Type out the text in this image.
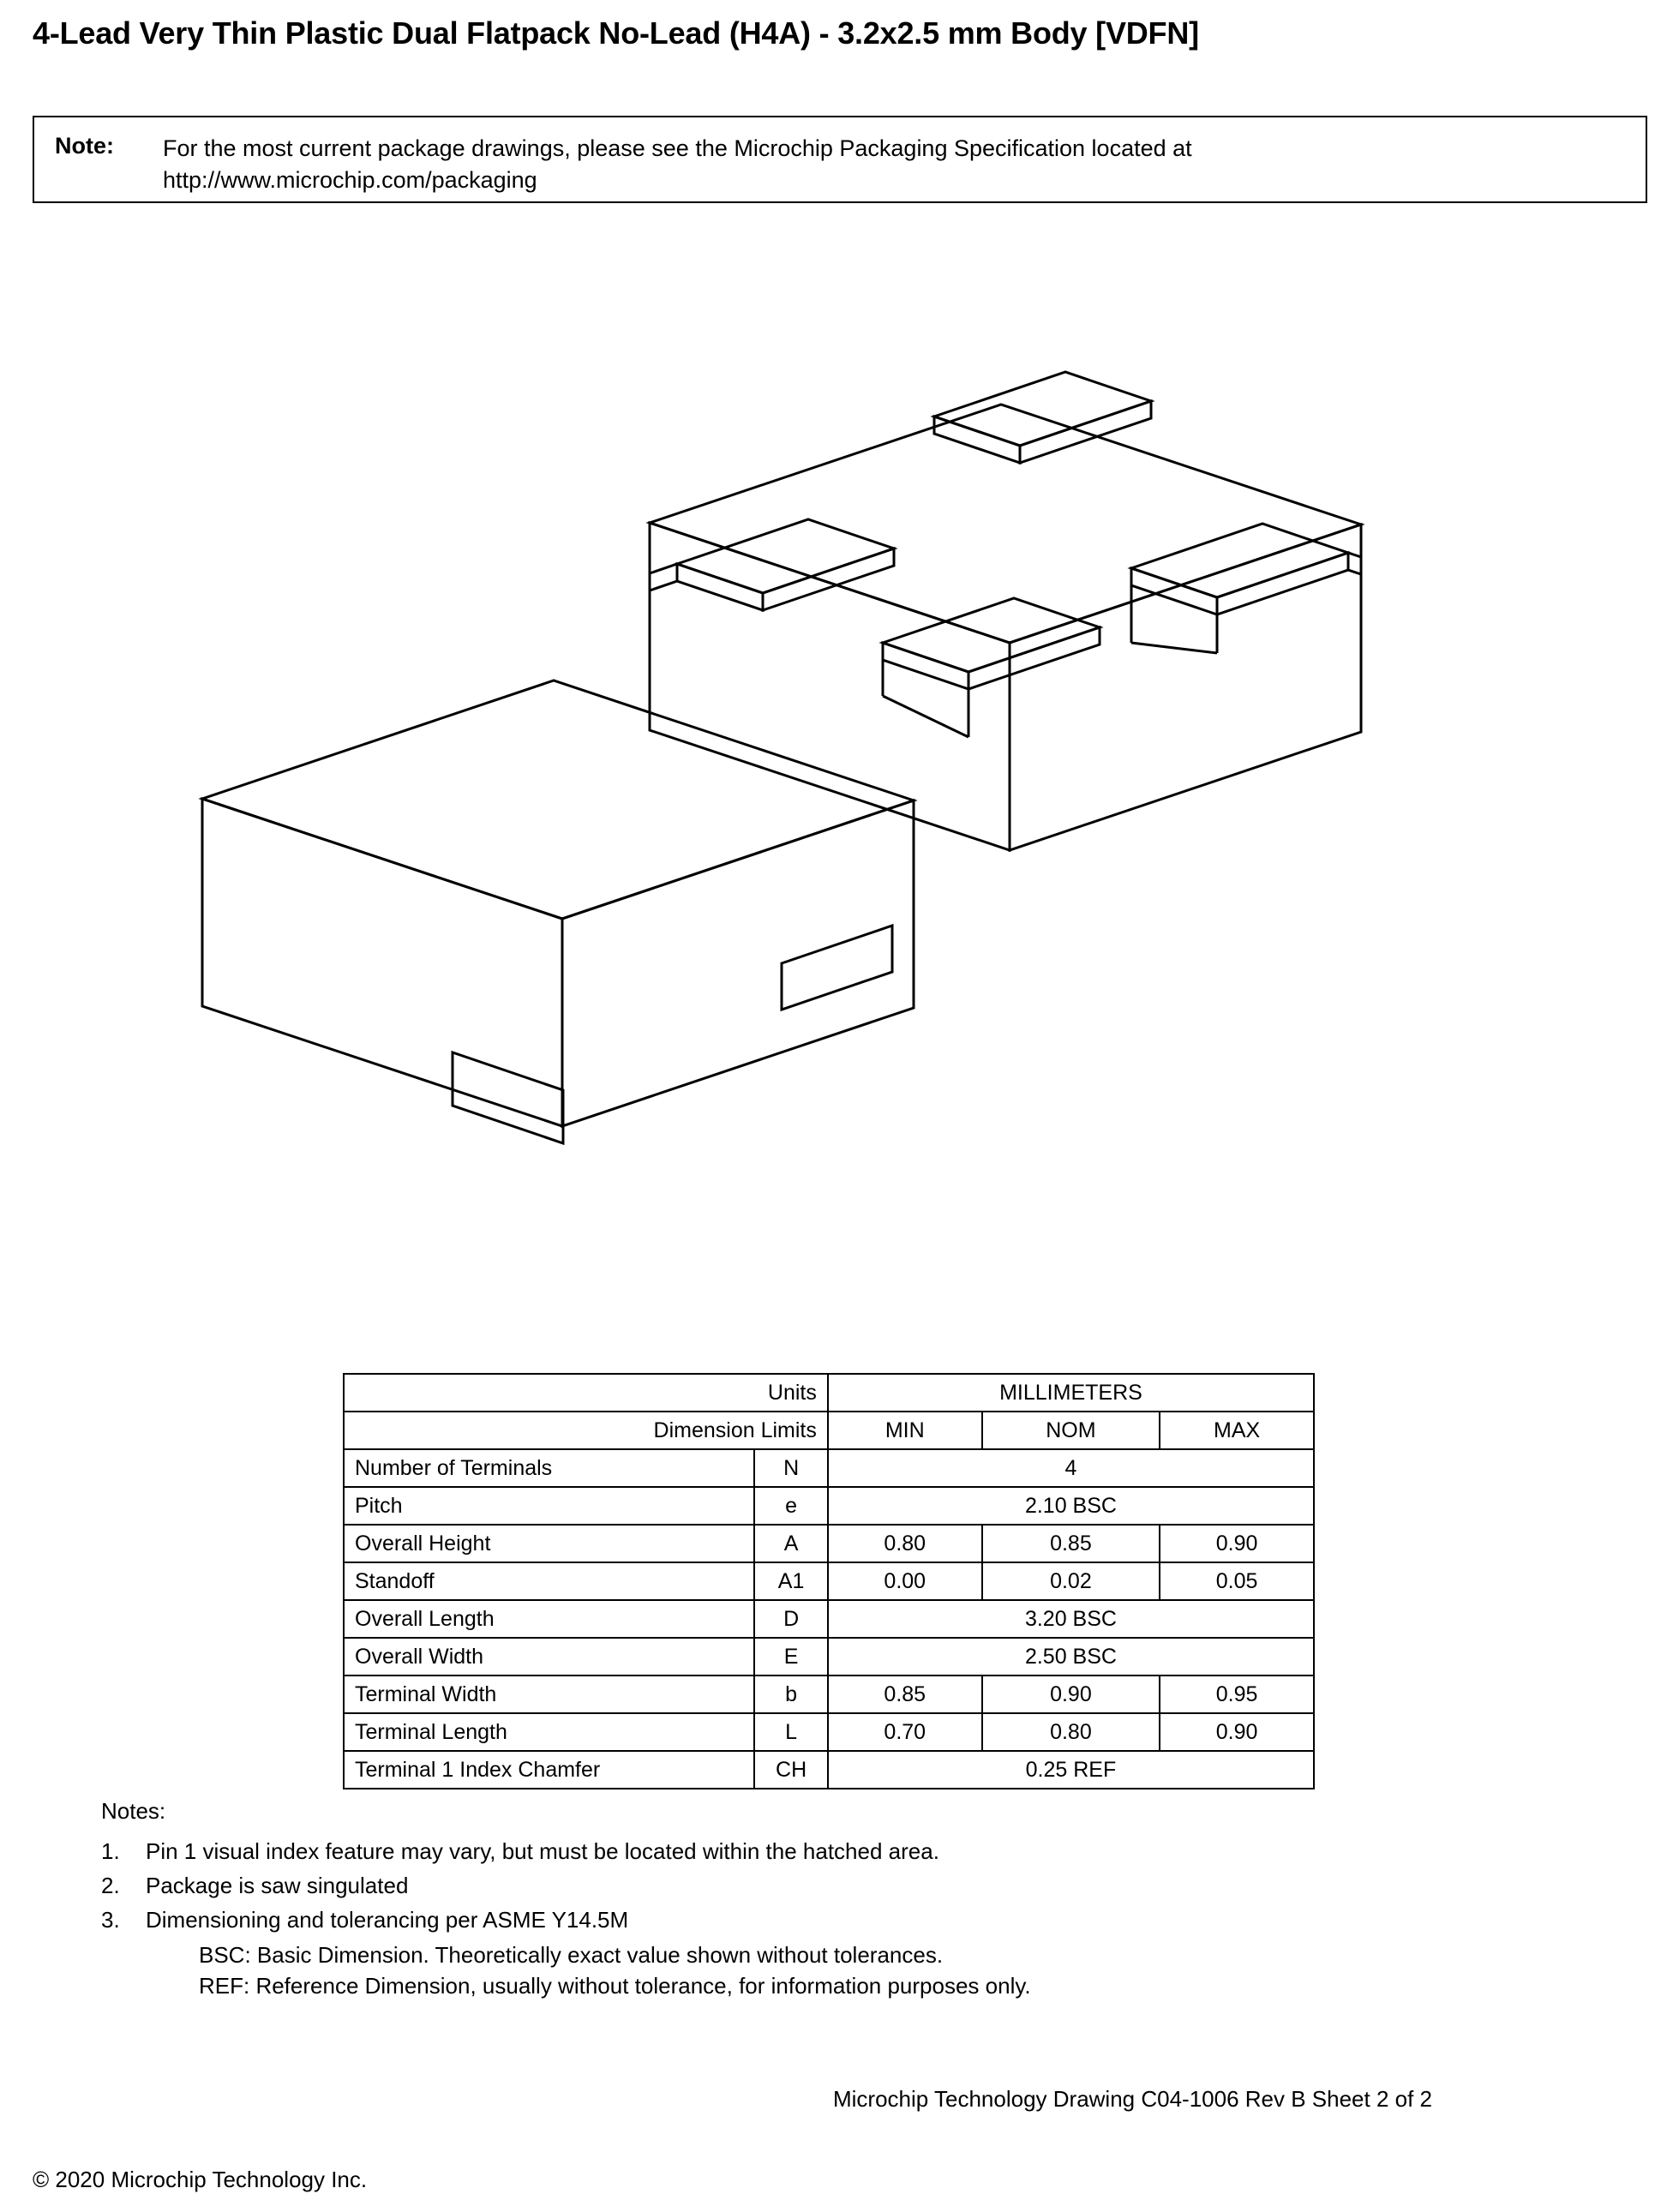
4-Lead Very Thin Plastic Dual Flatpack No-Lead (H4A) - 3.2x2.5 mm Body [VDFN]
Note: For the most current package drawings, please see the Microchip Packaging Specification located at
http://www.microchip.com/packaging
Units		MILLIMETERS		
Dimension Limits		MIN	NOM	MAX
Number of Terminals	N	4		
Pitch	e	2.10 BSC		
Overall Height	A	0.80	0.85	0.90
Standoff	A1	0.00	0.02	0.05
Overall Length	D	3.20 BSC		
Overall Width	E	2.50 BSC		
Terminal Width	b	0.85	0.90	0.95
Terminal Length	L	0.70	0.80	0.90
Terminal 1 Index Chamfer	CH	0.25 REF		
Notes:
1.	Pin 1 visual index feature may vary, but must be located within the hatched area.
2.	Package is saw singulated
3.	Dimensioning and tolerancing per ASME Y14.5M
BSC: Basic Dimension. Theoretically exact value shown without tolerances.
REF: Reference Dimension, usually without tolerance, for information purposes only.
Microchip Technology Drawing C04-1006 Rev B Sheet 2 of 2
© 2020 Microchip Technology Inc.
